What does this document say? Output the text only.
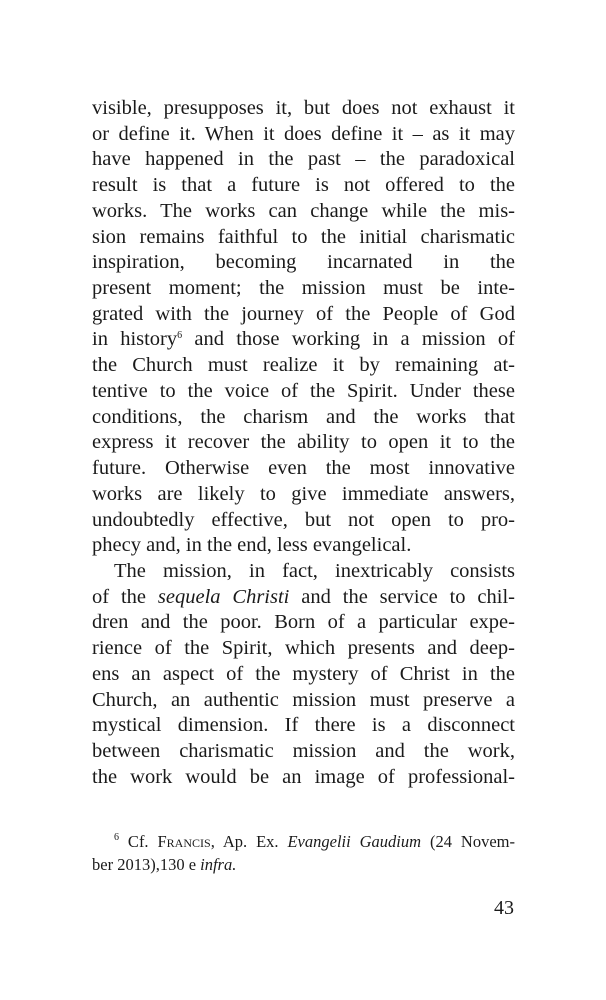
visible, presupposes it, but does not exhaust it
or define it. When it does define it – as it may
have happened in the past – the paradoxical
result is that a future is not offered to the
works. The works can change while the mis-
sion remains faithful to the initial charismatic
inspiration, becoming incarnated in the
present moment; the mission must be inte-
grated with the journey of the People of God
in history$^6$ and those working in a mission of
the Church must realize it by remaining at-
tentive to the voice of the Spirit. Under these
conditions, the charism and the works that
express it recover the ability to open it to the
future. Otherwise even the most innovative
works are likely to give immediate answers,
undoubtedly effective, but not open to pro-
phecy and, in the end, less evangelical.
The mission, in fact, inextricably consists
of the sequela Christi and the service to chil-
dren and the poor. Born of a particular expe-
rience of the Spirit, which presents and deep-
ens an aspect of the mystery of Christ in the
Church, an authentic mission must preserve a
mystical dimension. If there is a disconnect
between charismatic mission and the work,
the work would be an image of professional-
$^6$ Cf. Francis, Ap. Ex. Evangelii Gaudium (24 Novem-
ber 2013),130 e infra.
43
